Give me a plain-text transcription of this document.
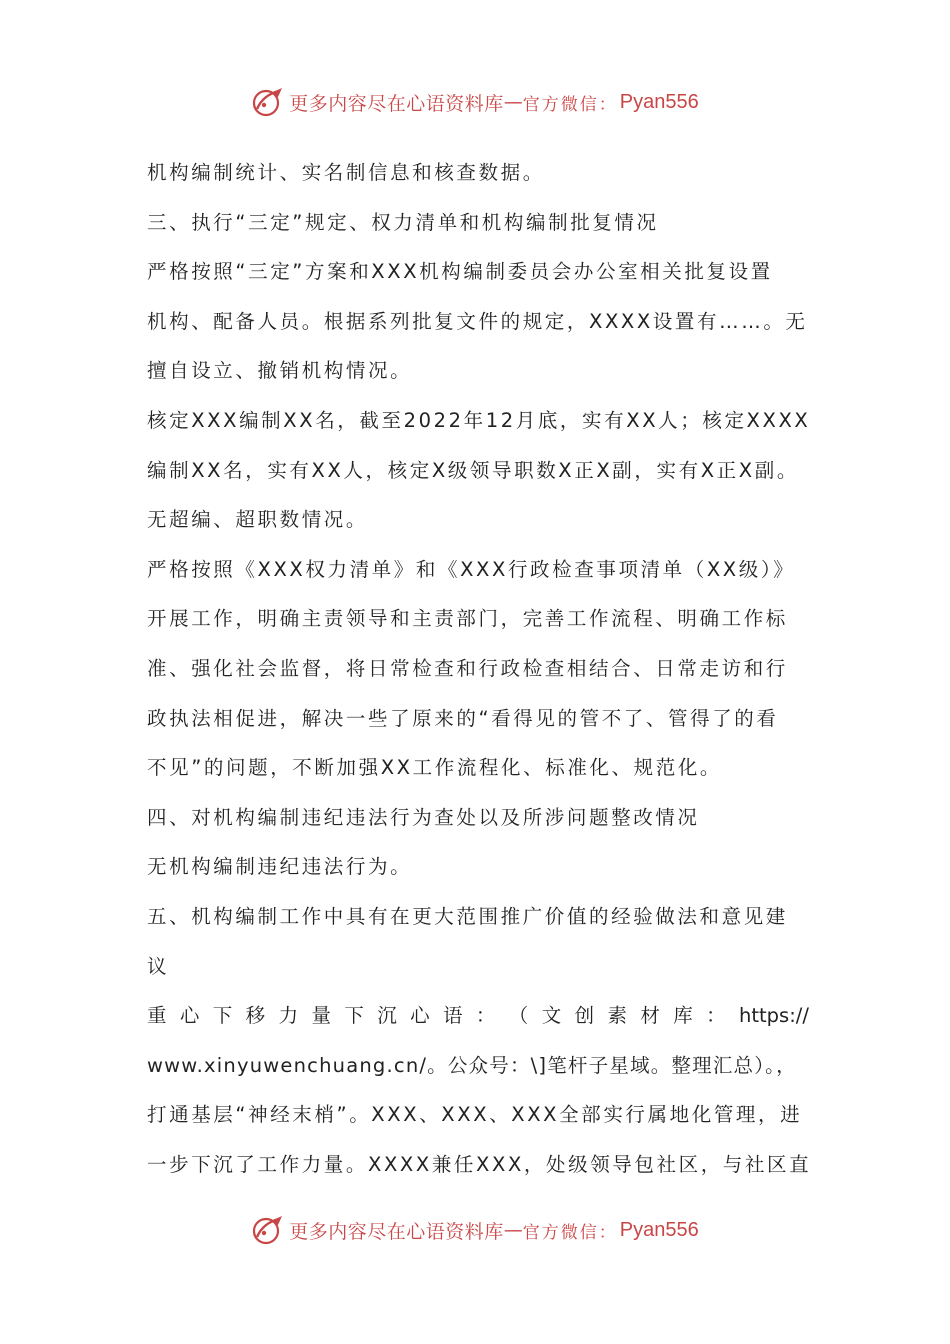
更多内容尽在心语资料库 — 官方微信： Pyan556
机构编制统计、实名制信息和核查数据。
三、执行“三定”规定、权力清单和机构编制批复情况
严格按照“三定”方案和XXX机构编制委员会办公室相关批复设置
机构、配备人员。根据系列批复文件的规定，XXXX设置有……。无
擅自设立、撤销机构情况。
核定XXX编制XX名，截至2022年12月底，实有XX人；核定XXXX
编制XX名，实有XX人，核定X级领导职数X正X副，实有X正X副。
无超编、超职数情况。
严格按照《XXX权力清单》和《XXX行政检查事项清单（XX级）》
开展工作，明确主责领导和主责部门，完善工作流程、明确工作标
准、强化社会监督，将日常检查和行政检查相结合、日常走访和行
政执法相促进，解决一些了原来的“看得见的管不了、管得了的看
不见”的问题，不断加强XX工作流程化、标准化、规范化。
四、对机构编制违纪违法行为查处以及所涉问题整改情况
无机构编制违纪违法行为。
五、机构编制工作中具有在更大范围推广价值的经验做法和意见建
议
重 心 下 移 力 量 下 沉 心 语 ： （ 文 创 素 材 库 ： https://
www.xinyuwenchuang.cn/。公众号：\]笔杆子星域。整理汇总）。，
打通基层“神经末梢”。XXX、XXX、XXX全部实行属地化管理，进
一步下沉了工作力量。XXXX兼任XXX，处级领导包社区，与社区直
更多内容尽在心语资料库 — 官方微信： Pyan556
